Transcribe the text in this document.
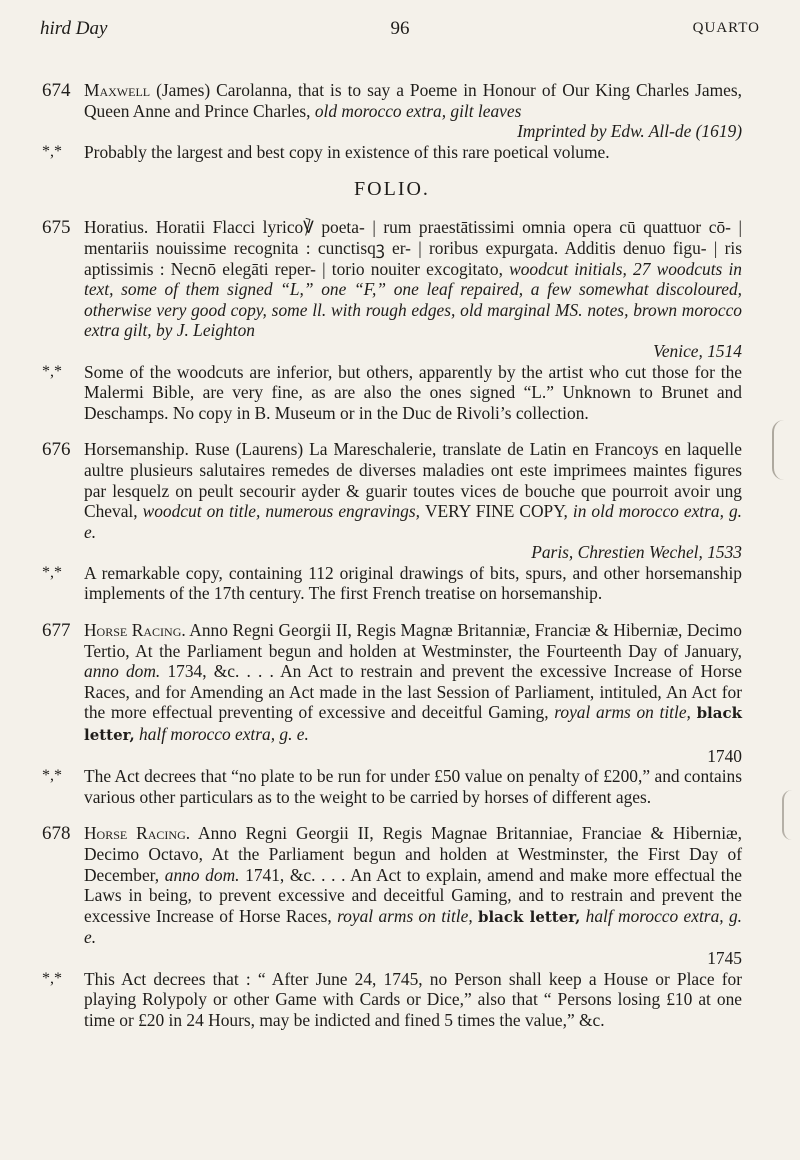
hird Day	96	QUARTO
674 Maxwell (James) Carolanna, that is to say a Poeme in Honour of Our King Charles James, Queen Anne and Prince Charles, old morocco extra, gilt leaves
Imprinted by Edw. All-de (1619)
*,* Probably the largest and best copy in existence of this rare poetical volume.
FOLIO.
675 Horatius. Horatii Flacci lyrico℣ poeta- | rum praestātissimi omnia opera cū quattuor cō- | mentariis nouissime recognita : cunctisqꝫ er- | roribus expurgata. Additis denuo figu- | ris aptissimis : Necnō elegāti reper- | torio nouiter excogitato, woodcut initials, 27 woodcuts in text, some of them signed “L,” one “F,” one leaf repaired, a few somewhat discoloured, otherwise very good copy, some ll. with rough edges, old marginal MS. notes, brown morocco extra gilt, by J. Leighton
Venice, 1514
*,* Some of the woodcuts are inferior, but others, apparently by the artist who cut those for the Malermi Bible, are very fine, as are also the ones signed “L.” Unknown to Brunet and Deschamps. No copy in B. Museum or in the Duc de Rivoli’s collection.
676 Horsemanship. Ruse (Laurens) La Mareschalerie, translate de Latin en Francoys en laquelle aultre plusieurs salutaires remedes de diverses maladies ont este imprimees maintes figures par lesquelz on peult secourir ayder & guarir toutes vices de bouche que pourroit avoir ung Cheval, woodcut on title, numerous engravings, VERY FINE COPY, in old morocco extra, g. e.
Paris, Chrestien Wechel, 1533
*,* A remarkable copy, containing 112 original drawings of bits, spurs, and other horsemanship implements of the 17th century. The first French treatise on horsemanship.
677 Horse Racing. Anno Regni Georgii II, Regis Magnæ Britanniæ, Franciæ & Hiberniæ, Decimo Tertio, At the Parliament begun and holden at Westminster, the Fourteenth Day of January, anno dom. 1734, &c. . . . An Act to restrain and prevent the excessive Increase of Horse Races, and for Amending an Act made in the last Session of Parliament, intituled, An Act for the more effectual preventing of excessive and deceitful Gaming, royal arms on title, black letter, half morocco extra, g. e.
1740
*,* The Act decrees that “no plate to be run for under £50 value on penalty of £200,” and contains various other particulars as to the weight to be carried by horses of different ages.
678 Horse Racing. Anno Regni Georgii II, Regis Magnae Britanniae, Franciae & Hiberniæ, Decimo Octavo, At the Parliament begun and holden at Westminster, the First Day of December, anno dom. 1741, &c. . . . An Act to explain, amend and make more effectual the Laws in being, to prevent excessive and deceitful Gaming, and to restrain and prevent the excessive Increase of Horse Races, royal arms on title, black letter, half morocco extra, g. e.
1745
*,* This Act decrees that : “ After June 24, 1745, no Person shall keep a House or Place for playing Rolypoly or other Game with Cards or Dice,” also that “ Persons losing £10 at one time or £20 in 24 Hours, may be indicted and fined 5 times the value,” &c.
